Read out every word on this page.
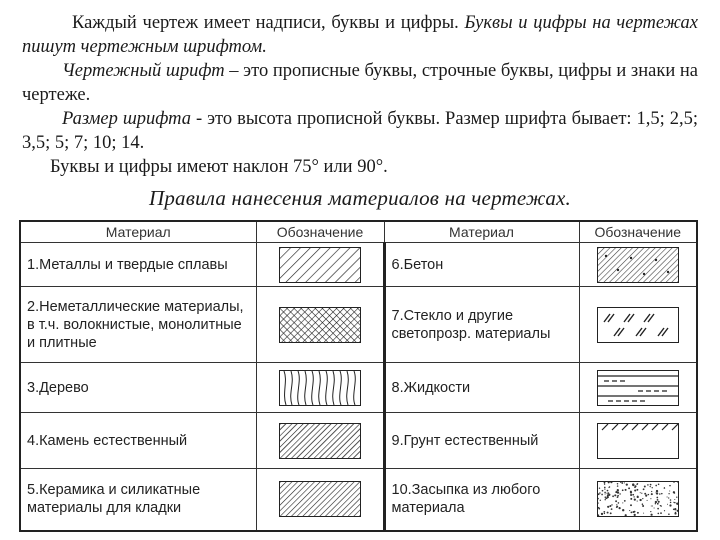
Каждый чертеж имеет надписи, буквы и цифры. Буквы и цифры на чертежах пишут чертежным шрифтом.

Чертежный шрифт – это прописные буквы, строчные буквы, цифры и знаки на чертеже.

Размер шрифта - это высота прописной буквы. Размер шрифта бывает: 1,5; 2,5; 3,5; 5; 7; 10; 14.

Буквы и цифры имеют наклон 75° или 90°.

Правила нанесения материалов на чертежах.
Материал	Обозначение	Материал	Обозначение
1.Металлы и твердые сплавы		6.Бетон	

2.Неметаллические материалы, в т.ч. волокнистые, монолитные и плитные		7.Стекло и другие светопрозр. материалы	

3.Дерево		8.Жидкости	

4.Камень естественный		9.Грунт естественный	

5.Керамика и силикатные материалы для кладки		10.Засыпка из любого материала	
